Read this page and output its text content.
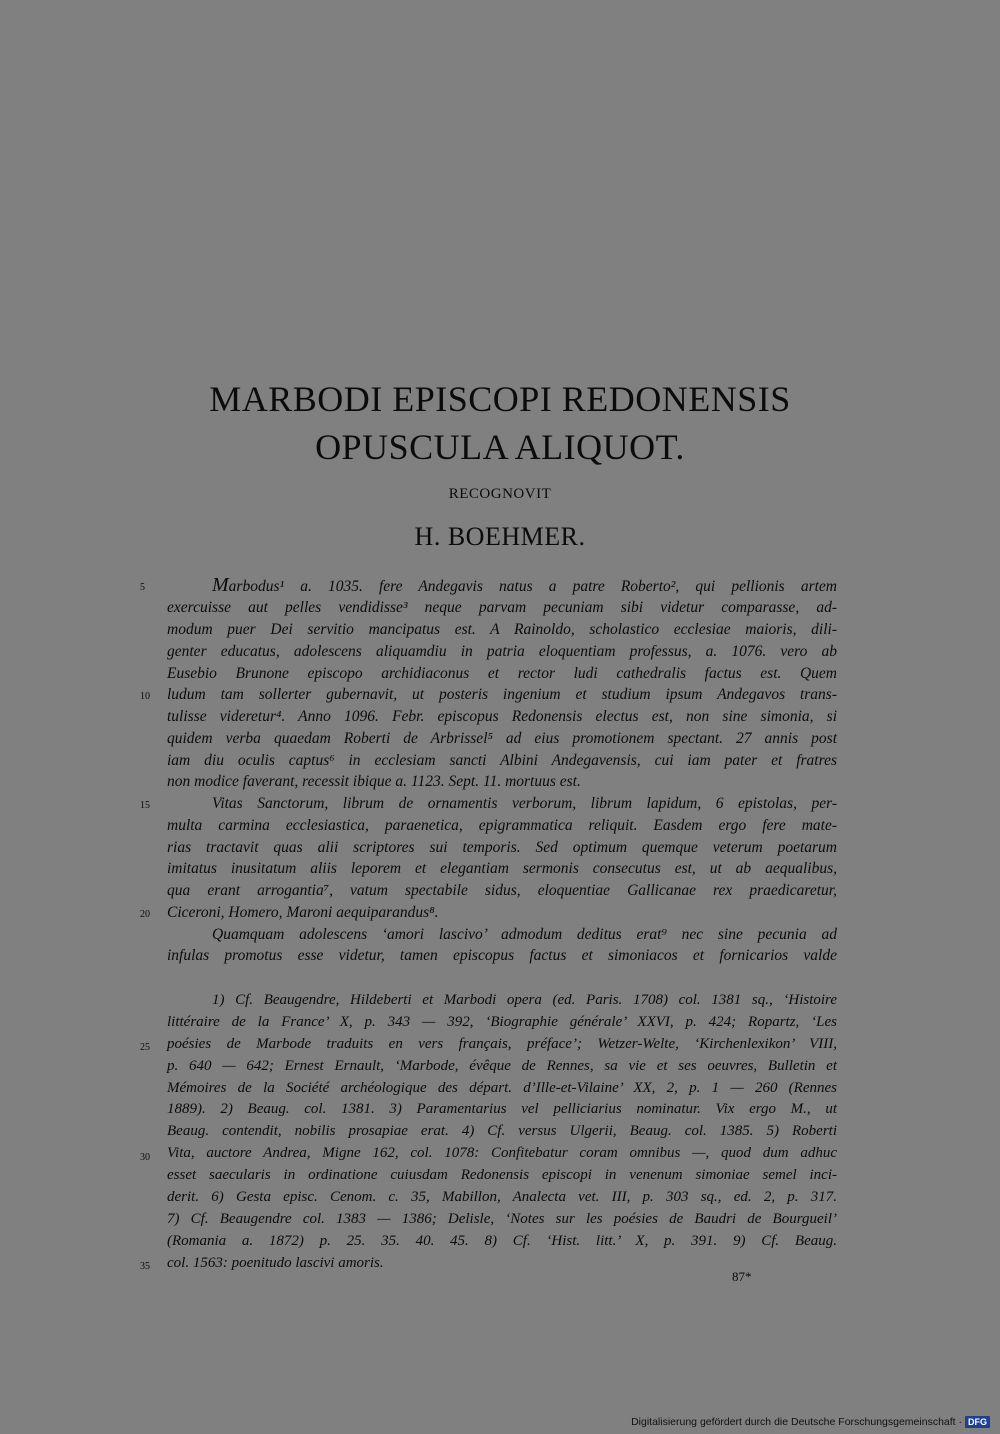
MARBODI EPISCOPI REDONENSIS
OPUSCULA ALIQUOT.
RECOGNOVIT
H. BOEHMER.
5
10
15
20
Marbodus¹ a. 1035. fere Andegavis natus a patre Roberto², qui pellionis artem
exercuisse aut pelles vendidisse³ neque parvam pecuniam sibi videtur comparasse, ad-
modum puer Dei servitio mancipatus est. A Rainoldo, scholastico ecclesiae maioris, dili-
genter educatus, adolescens aliquamdiu in patria eloquentiam professus, a. 1076. vero ab
Eusebio Brunone episcopo archidiaconus et rector ludi cathedralis factus est. Quem
ludum tam sollerter gubernavit, ut posteris ingenium et studium ipsum Andegavos trans-
tulisse videretur⁴. Anno 1096. Febr. episcopus Redonensis electus est, non sine simonia, si
quidem verba quaedam Roberti de Arbrissel⁵ ad eius promotionem spectant. 27 annis post
iam diu oculis captus⁶ in ecclesiam sancti Albini Andegavensis, cui iam pater et fratres
non modice faverant, recessit ibique a. 1123. Sept. 11. mortuus est.
Vitas Sanctorum, librum de ornamentis verborum, librum lapidum, 6 epistolas, per-
multa carmina ecclesiastica, paraenetica, epigrammatica reliquit. Easdem ergo fere mate-
rias tractavit quas alii scriptores sui temporis. Sed optimum quemque veterum poetarum
imitatus inusitatum aliis leporem et elegantiam sermonis consecutus est, ut ab aequalibus,
qua erant arrogantia⁷, vatum spectabile sidus, eloquentiae Gallicanae rex praedicaretur,
Ciceroni, Homero, Maroni aequiparandus⁸.
Quamquam adolescens ‘amori lascivo’ admodum deditus erat⁹ nec sine pecunia ad
infulas promotus esse videtur, tamen episcopus factus et simoniacos et fornicarios valde
25
30
35
1) Cf. Beaugendre, Hildeberti et Marbodi opera (ed. Paris. 1708) col. 1381 sq., ‘Histoire
littéraire de la France’ X, p. 343 — 392, ‘Biographie générale’ XXVI, p. 424; Ropartz, ‘Les
poésies de Marbode traduits en vers français, préface’; Wetzer-Welte, ‘Kirchenlexikon’ VIII,
p. 640 — 642; Ernest Ernault, ‘Marbode, évêque de Rennes, sa vie et ses oeuvres, Bulletin et
Mémoires de la Société archéologique des départ. d’Ille-et-Vilaine’ XX, 2, p. 1 — 260 (Rennes
1889). 2) Beaug. col. 1381. 3) Paramentarius vel pelliciarius nominatur. Vix ergo M., ut
Beaug. contendit, nobilis prosapiae erat. 4) Cf. versus Ulgerii, Beaug. col. 1385. 5) Roberti
Vita, auctore Andrea, Migne 162, col. 1078: Confitebatur coram omnibus —, quod dum adhuc
esset saecularis in ordinatione cuiusdam Redonensis episcopi in venenum simoniae semel inci-
derit. 6) Gesta episc. Cenom. c. 35, Mabillon, Analecta vet. III, p. 303 sq., ed. 2, p. 317.
7) Cf. Beaugendre col. 1383 — 1386; Delisle, ‘Notes sur les poésies de Baudri de Bourgueil’
(Romania a. 1872) p. 25. 35. 40. 45. 8) Cf. ‘Hist. litt.’ X, p. 391. 9) Cf. Beaug.
col. 1563: poenitudo lascivi amoris.
87*
Digitalisierung gefördert durch die Deutsche Forschungsgemeinschaft · DFG
